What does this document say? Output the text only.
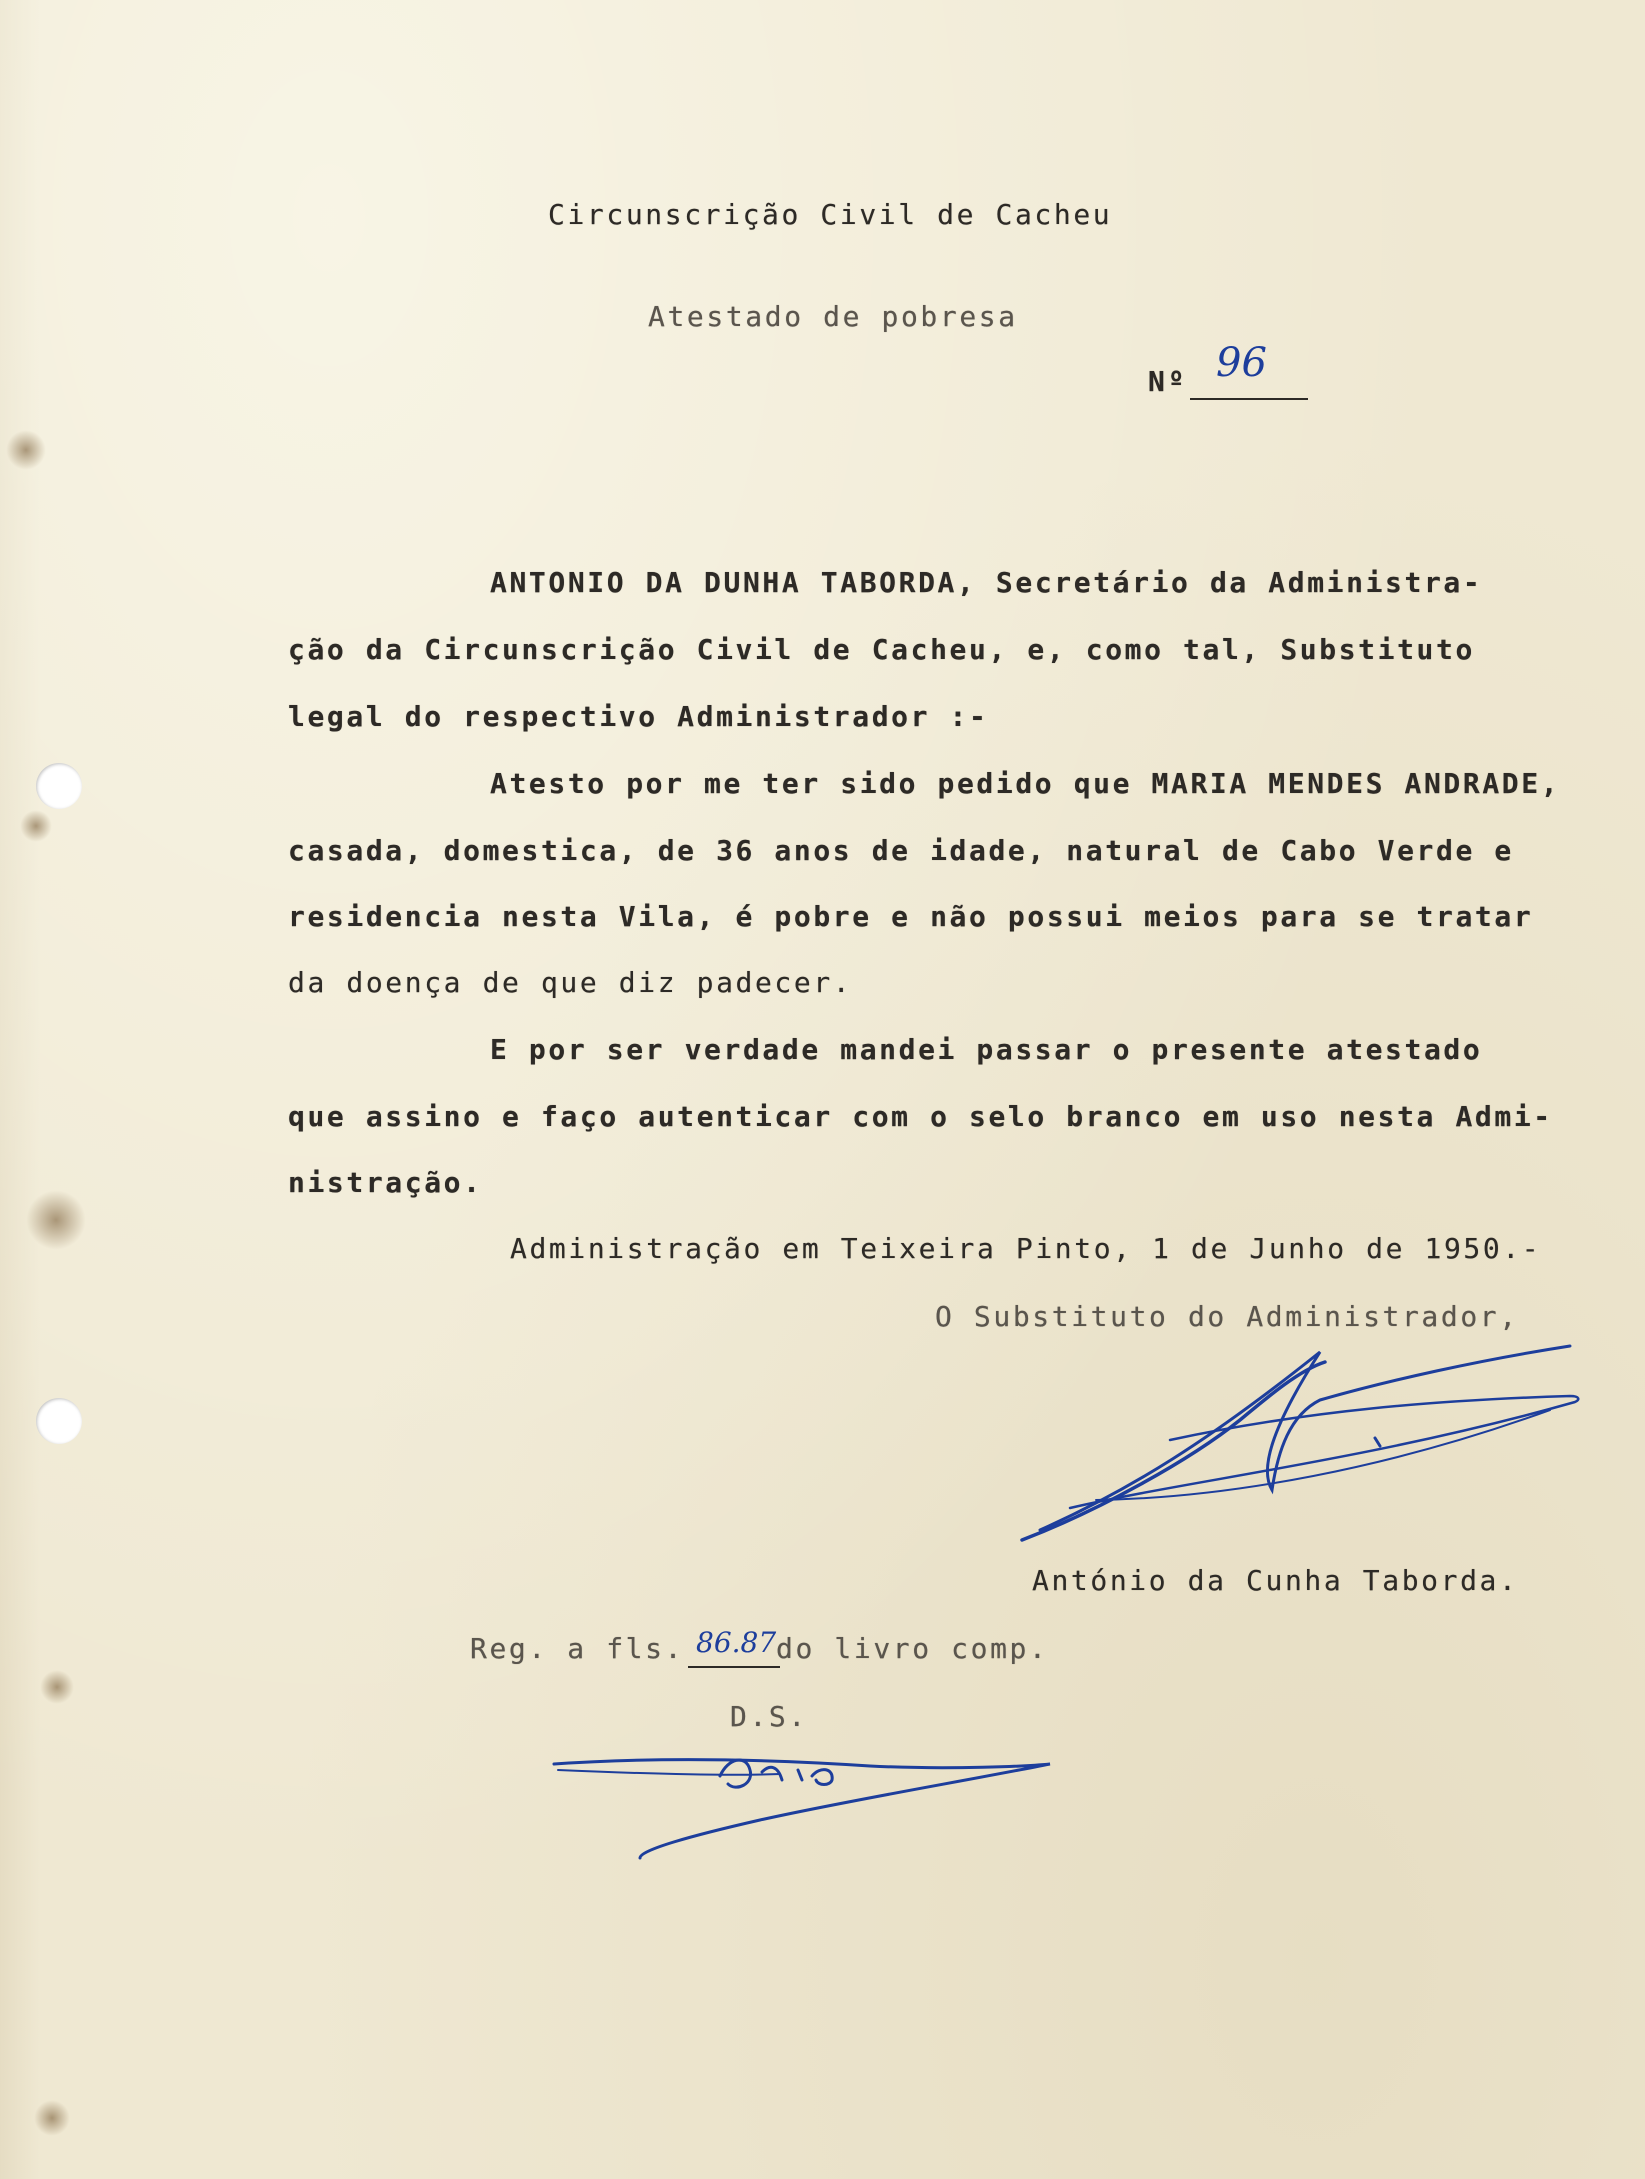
Circunscrição Civil de Cacheu
Atestado de pobresa
Nº 96
ANTONIO DA DUNHA TABORDA, Secretário da Administra-
ção da Circunscrição Civil de Cacheu, e, como tal, Substituto
legal do respectivo Administrador :-
Atesto por me ter sido pedido que MARIA MENDES ANDRADE,
casada, domestica, de 36 anos de idade, natural de Cabo Verde e
residencia nesta Vila, é pobre e não possui meios para se tratar
da doença de que diz padecer.
E por ser verdade mandei passar o presente atestado
que assino e faço autenticar com o selo branco em uso nesta Admi-
nistração.
Administração em Teixeira Pinto, 1 de Junho de 1950.-
O Substituto do Administrador,
António da Cunha Taborda.
Reg. a fls.	do livro comp.
86.87
D.S.
